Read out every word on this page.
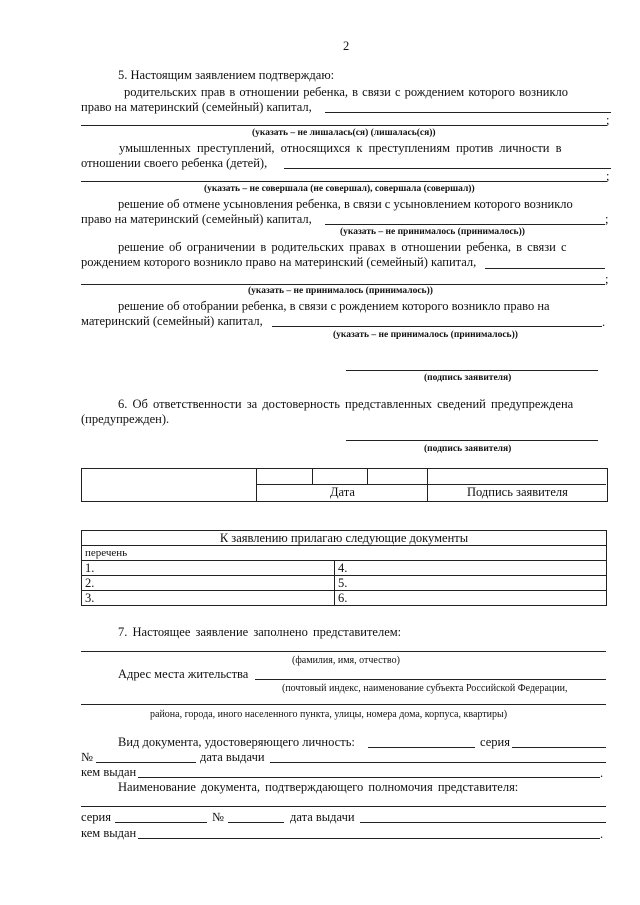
2
5. Настоящим заявлением подтверждаю:
родительских прав в отношении ребенка, в связи с рождением которого возникло
право на материнский (семейный) капитал,
;
(указать – не лишалась(ся) (лишалась(ся))
умышленных преступлений, относящихся к преступлениям против личности в
отношении своего ребенка (детей),
;
(указать – не совершала (не совершал), совершала (совершал))
решение об отмене усыновления ребенка, в связи с усыновлением которого возникло
право на материнский (семейный) капитал,	;
(указать – не принималось (принималось))
решение об ограничении в родительских правах в отношении ребенка, в связи с
рождением которого возникло право на материнский (семейный) капитал,
;
(указать – не принималось (принималось))
решение об отобрании ребенка, в связи с рождением которого возникло право на
материнский (семейный) капитал,	.
(указать – не принималось (принималось))
(подпись заявителя)
6. Об ответственности за достоверность представленных сведений предупреждена
(предупрежден).
(подпись заявителя)
Дата	Подпись заявителя
К заявлению прилагаю следующие документы	
перечень	
1.	4.
2.	5.
3.	6.
7. Настоящее заявление заполнено представителем:
(фамилия, имя, отчество)
Адрес места жительства
(почтовый индекс, наименование субъекта Российской Федерации,
района, города, иного населенного пункта, улицы, номера дома, корпуса, квартиры)
Вид документа, удостоверяющего личность:	серия
№	дата выдачи
кем выдан	.
Наименование документа, подтверждающего полномочия представителя:
серия	№	дата выдачи
кем выдан	.
